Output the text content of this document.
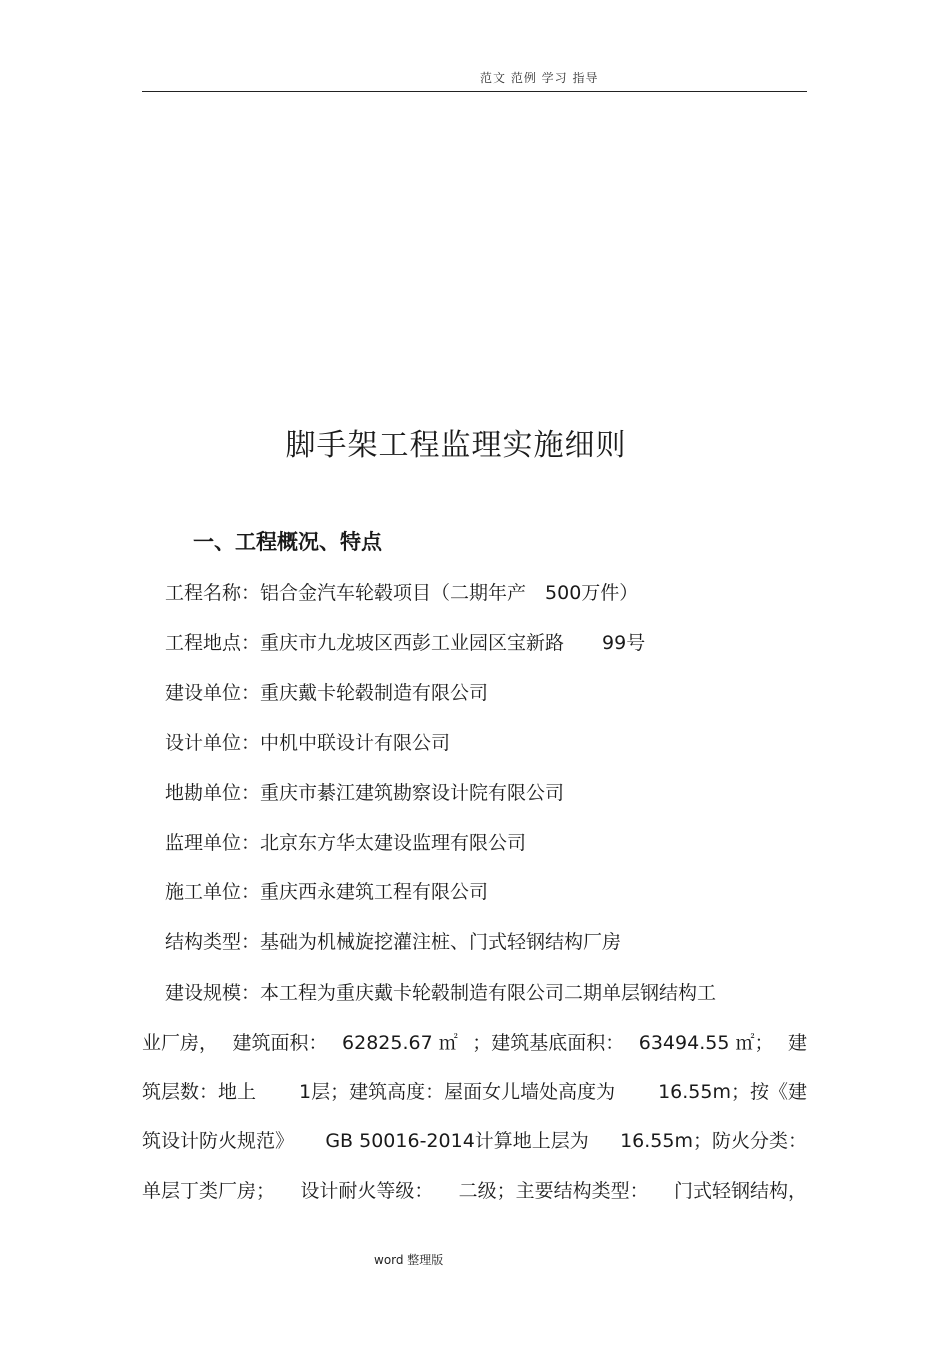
范文 范例 学习 指导
脚手架工程监理实施细则
一、工程概况、特点
工程名称：铝合金汽车轮毂项目（二期年产　500万件）
工程地点：重庆市九龙坡区西彭工业园区宝新路　　99号
建设单位：重庆戴卡轮毂制造有限公司
设计单位：中机中联设计有限公司
地勘单位：重庆市綦江建筑勘察设计院有限公司
监理单位：北京东方华太建设监理有限公司
施工单位：重庆西永建筑工程有限公司
结构类型：基础为机械旋挖灌注桩、门式轻钢结构厂房
建设规模：本工程为重庆戴卡轮毂制造有限公司二期单层钢结构工
业厂房， 建筑面积： 62825.67 ㎡ ；建筑基底面积： 63494.55 ㎡； 建
筑层数：地上 1层；建筑高度：屋面女儿墙处高度为 16.55m；按《建
筑设计防火规范》 GB 50016-2014计算地上层为 16.55m；防火分类：
单层丁类厂房； 设计耐火等级： 二级；主要结构类型： 门式轻钢结构，
word 整理版
